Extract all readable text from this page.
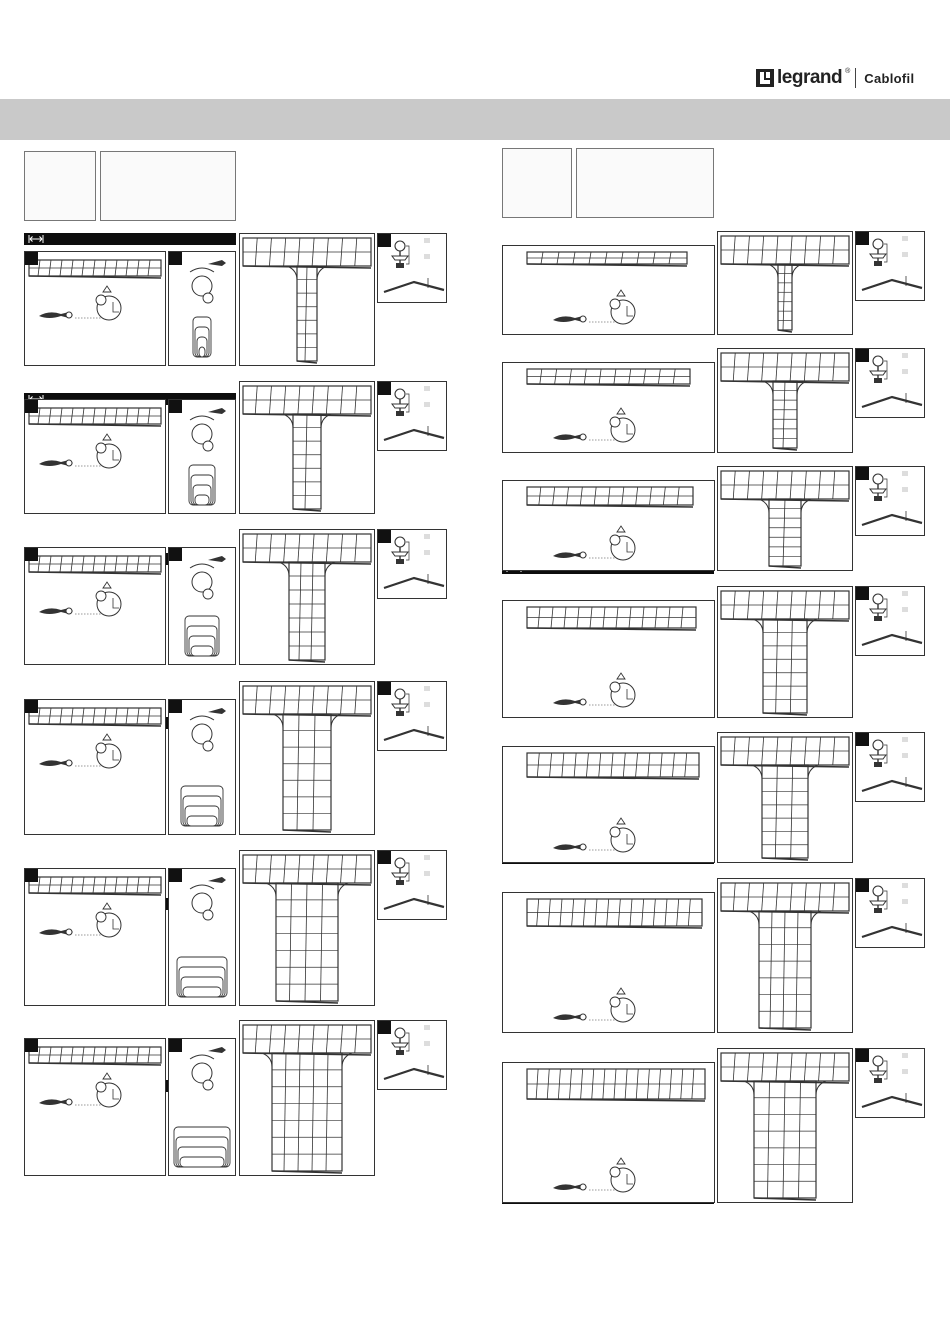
legrand ® Cablofil
